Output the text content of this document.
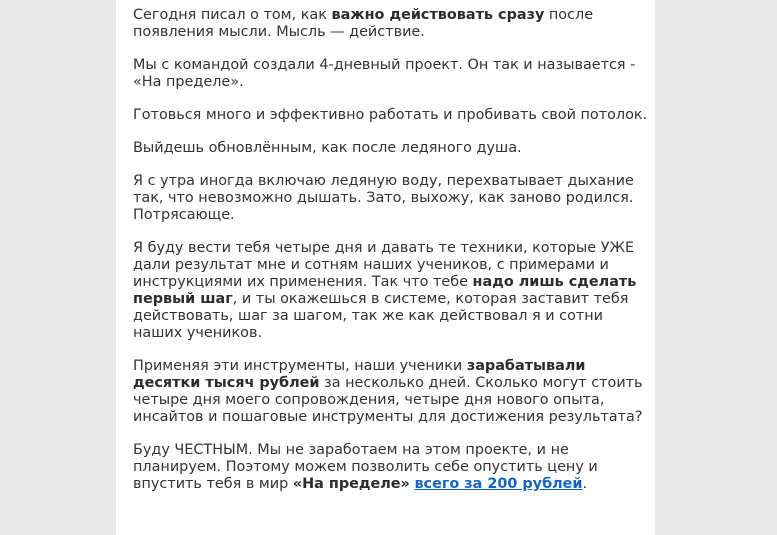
Сегодня писал о том, как важно действовать сразу после появления мысли. Мысль — действие.

Мы с командой создали 4-дневный проект. Он так и называется - «На пределе».

Готовься много и эффективно работать и пробивать свой потолок.

Выйдешь обновлённым, как после ледяного душа.

Я с утра иногда включаю ледяную воду, перехватывает дыхание так, что невозможно дышать. Зато, выхожу, как заново родился. Потрясающе.

Я буду вести тебя четыре дня и давать те техники, которые УЖЕ дали результат мне и сотням наших учеников, с примерами и инструкциями их применения. Так что тебе надо лишь сделать первый шаг, и ты окажешься в системе, которая заставит тебя действовать, шаг за шагом, так же как действовал я и сотни наших учеников.

Применяя эти инструменты, наши ученики зарабатывали десятки тысяч рублей за несколько дней. Сколько могут стоить четыре дня моего сопровождения, четыре дня нового опыта, инсайтов и пошаговые инструменты для достижения результата?

Буду ЧЕСТНЫМ. Мы не заработаем на этом проекте, и не планируем. Поэтому можем позволить себе опустить цену и впустить тебя в мир «На пределе» всего за 200 рублей.
